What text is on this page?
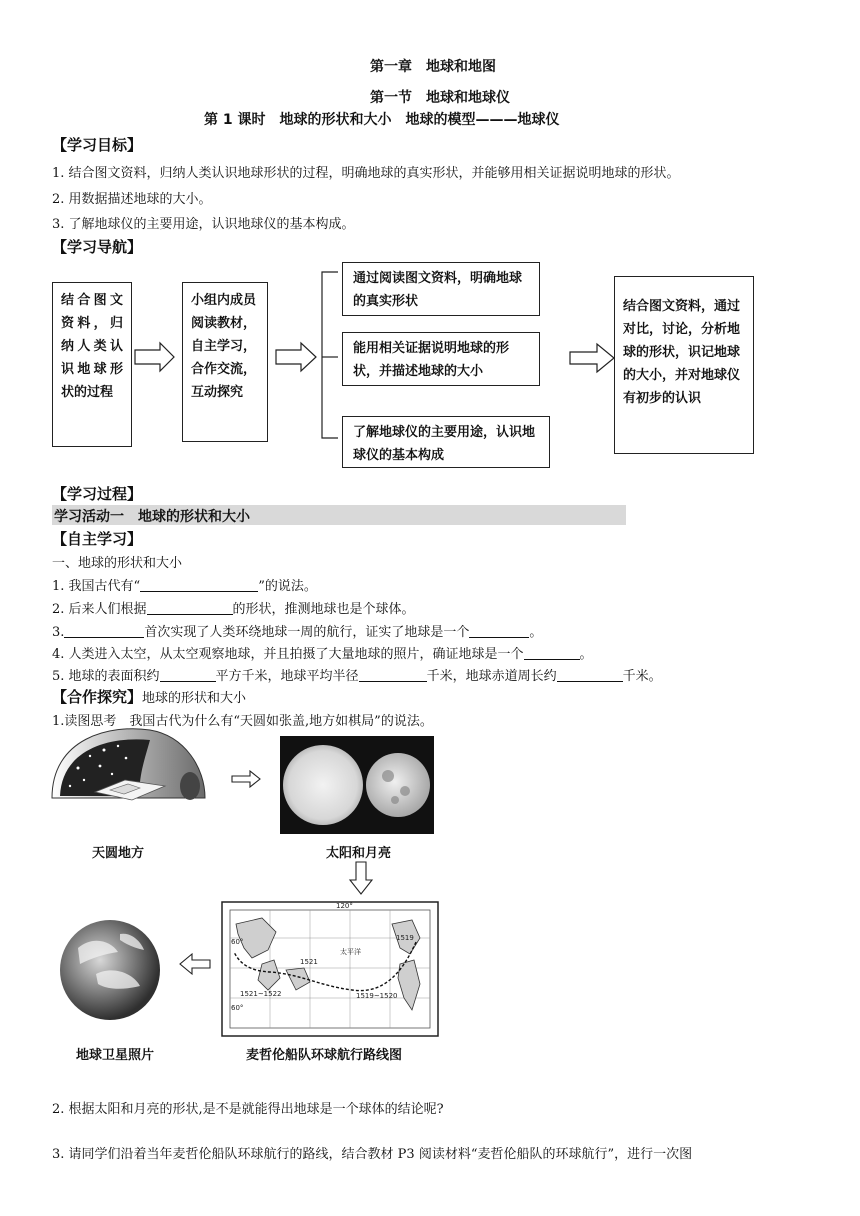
第一章　地球和地图
第一节　地球和地球仪
第 1 课时　地球的形状和大小　地球的模型———地球仪
【学习目标】
1. 结合图文资料，归纳人类认识地球形状的过程，明确地球的真实形状，并能够用相关证据说明地球的形状。
2. 用数据描述地球的大小。
3. 了解地球仪的主要用途，认识地球仪的基本构成。
【学习导航】
结合图文资料，归纳人类认识地球形状的过程
小组内成员阅读教材，自主学习，合作交流，互动探究
通过阅读图文资料，明确地球的真实形状
能用相关证据说明地球的形状，并描述地球的大小
了解地球仪的主要用途，认识地球仪的基本构成
结合图文资料，通过对比，讨论，分析地球的形状，识记地球的大小，并对地球仪有初步的认识
【学习过程】
学习活动一　地球的形状和大小
【自主学习】
一、地球的形状和大小
1. 我国古代有“	”的说法。
2. 后来人们根据	的形状，推测地球也是个球体。
3.	首次实现了人类环绕地球一周的航行，证实了地球是一个	。
4. 人类进入太空，从太空观察地球，并且拍摄了大量地球的照片，确证地球是一个	。
5. 地球的表面积约	平方千米，地球平均半径	千米，地球赤道周长约	千米。
【合作探究】地球的形状和大小
1.读图思考　我国古代为什么有“天圆如张盖,地方如棋局”的说法。
60°
60°
120°
太平洋
1519
1521
1521~1522	1519~1520
天圆地方	太阳和月亮
地球卫星照片	麦哲伦船队环球航行路线图
2. 根据太阳和月亮的形状,是不是就能得出地球是一个球体的结论呢?
3. 请同学们沿着当年麦哲伦船队环球航行的路线，结合教材 P3 阅读材料“麦哲伦船队的环球航行”，进行一次图
